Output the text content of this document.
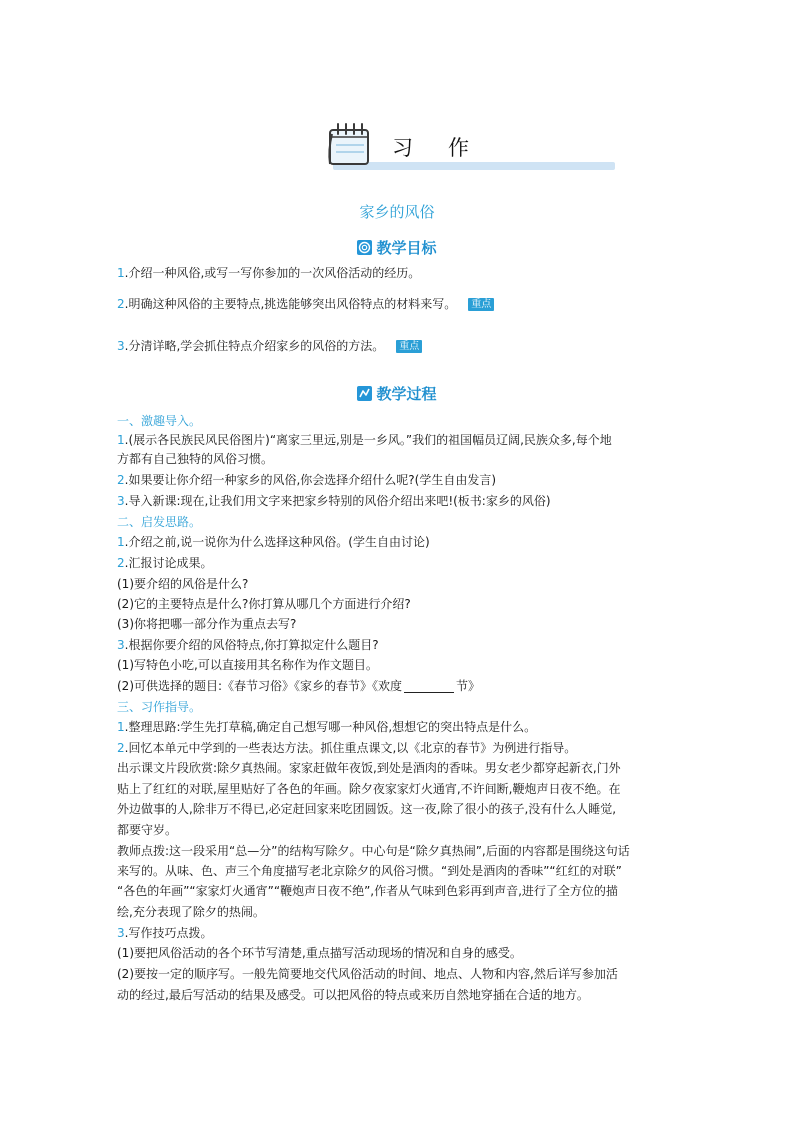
习 作
家乡的风俗
教学目标
1.介绍一种风俗,或写一写你参加的一次风俗活动的经历。
2.明确这种风俗的主要特点,挑选能够突出风俗特点的材料来写。 重点
3.分清详略,学会抓住特点介绍家乡的风俗的方法。 重点
教学过程
一、激趣导入。
1.(展示各民族民风民俗图片)“离家三里远,别是一乡风。”我们的祖国幅员辽阔,民族众多,每个地
方都有自己独特的风俗习惯。
2.如果要让你介绍一种家乡的风俗,你会选择介绍什么呢?(学生自由发言)
3.导入新课:现在,让我们用文字来把家乡特别的风俗介绍出来吧!(板书:家乡的风俗)
二、启发思路。
1.介绍之前,说一说你为什么选择这种风俗。(学生自由讨论)
2.汇报讨论成果。
(1)要介绍的风俗是什么?
(2)它的主要特点是什么?你打算从哪几个方面进行介绍?
(3)你将把哪一部分作为重点去写?
3.根据你要介绍的风俗特点,你打算拟定什么题目?
(1)写特色小吃,可以直接用其名称作为作文题目。
(2)可供选择的题目:《春节习俗》《家乡的春节》《欢度	节》
三、习作指导。
1.整理思路:学生先打草稿,确定自己想写哪一种风俗,想想它的突出特点是什么。
2.回忆本单元中学到的一些表达方法。抓住重点课文,以《北京的春节》为例进行指导。
出示课文片段欣赏:除夕真热闹。家家赶做年夜饭,到处是酒肉的香味。男女老少都穿起新衣,门外
贴上了红红的对联,屋里贴好了各色的年画。除夕夜家家灯火通宵,不许间断,鞭炮声日夜不绝。在
外边做事的人,除非万不得已,必定赶回家来吃团圆饭。这一夜,除了很小的孩子,没有什么人睡觉,
都要守岁。
教师点拨:这一段采用“总—分”的结构写除夕。中心句是“除夕真热闹”,后面的内容都是围绕这句话
来写的。从味、色、声三个角度描写老北京除夕的风俗习惯。“到处是酒肉的香味”“红红的对联”
“各色的年画”“家家灯火通宵”“鞭炮声日夜不绝”,作者从气味到色彩再到声音,进行了全方位的描
绘,充分表现了除夕的热闹。
3.写作技巧点拨。
(1)要把风俗活动的各个环节写清楚,重点描写活动现场的情况和自身的感受。
(2)要按一定的顺序写。一般先简要地交代风俗活动的时间、地点、人物和内容,然后详写参加活
动的经过,最后写活动的结果及感受。可以把风俗的特点或来历自然地穿插在合适的地方。
